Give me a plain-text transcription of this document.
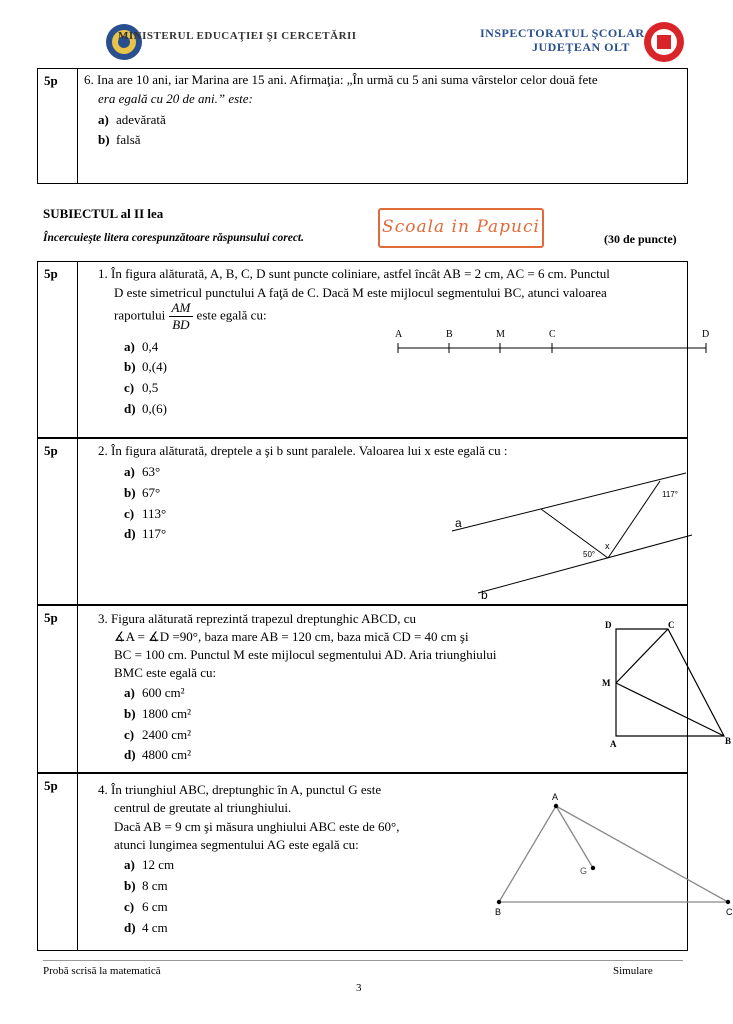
MINISTERUL EDUCAŢIEI ŞI CERCETĂRII	INSPECTORATUL ŞCOLAR
JUDEŢEAN OLT
5p	6. Ina are 10 ani, iar Marina are 15 ani. Afirmaţia: „În urmă cu 5 ani suma vârstelor celor două fete
era egală cu 20 de ani.” este:
a) adevărată
b) falsă
SUBIECTUL al II lea
Încercuieşte litera corespunzătoare răspunsului corect.
Scoala in Papuci
(30 de puncte)
5p	1. În figura alăturată, A, B, C, D sunt puncte coliniare, astfel încât AB = 2 cm, AC = 6 cm. Punctul
D este simetricul punctului A faţă de C. Dacă M este mijlocul segmentului BC, atunci valoarea
raportului $\frac{AM}{BD}$ este egală cu:
a) 0,4
b) 0,(4)
c) 0,5
d) 0,(6)
A	B	M	C	D
5p	2. În figura alăturată, dreptele a şi b sunt paralele. Valoarea lui x este egală cu :
a) 63°
b) 67°
c) 113°
d) 117°
a
b
117°
50°
x
5p	3. Figura alăturată reprezintă trapezul dreptunghic ABCD, cu
∡A = ∡D =90°, baza mare AB = 120 cm, baza mică CD = 40 cm şi
BC = 100 cm. Punctul M este mijlocul segmentului AD. Aria triunghiului
BMC este egală cu:
a) 600 cm²
b) 1800 cm²
c) 2400 cm²
d) 4800 cm²
D	C
M
A	B
5p	4. În triunghiul ABC, dreptunghic în A, punctul G este
centrul de greutate al triunghiului.
Dacă AB = 9 cm şi măsura unghiului ABC este de 60°,
atunci lungimea segmentului AG este egală cu:
a) 12 cm
b) 8 cm
c) 6 cm
d) 4 cm
A
G
B	C
Probă scrisă la matematică	Simulare
3
